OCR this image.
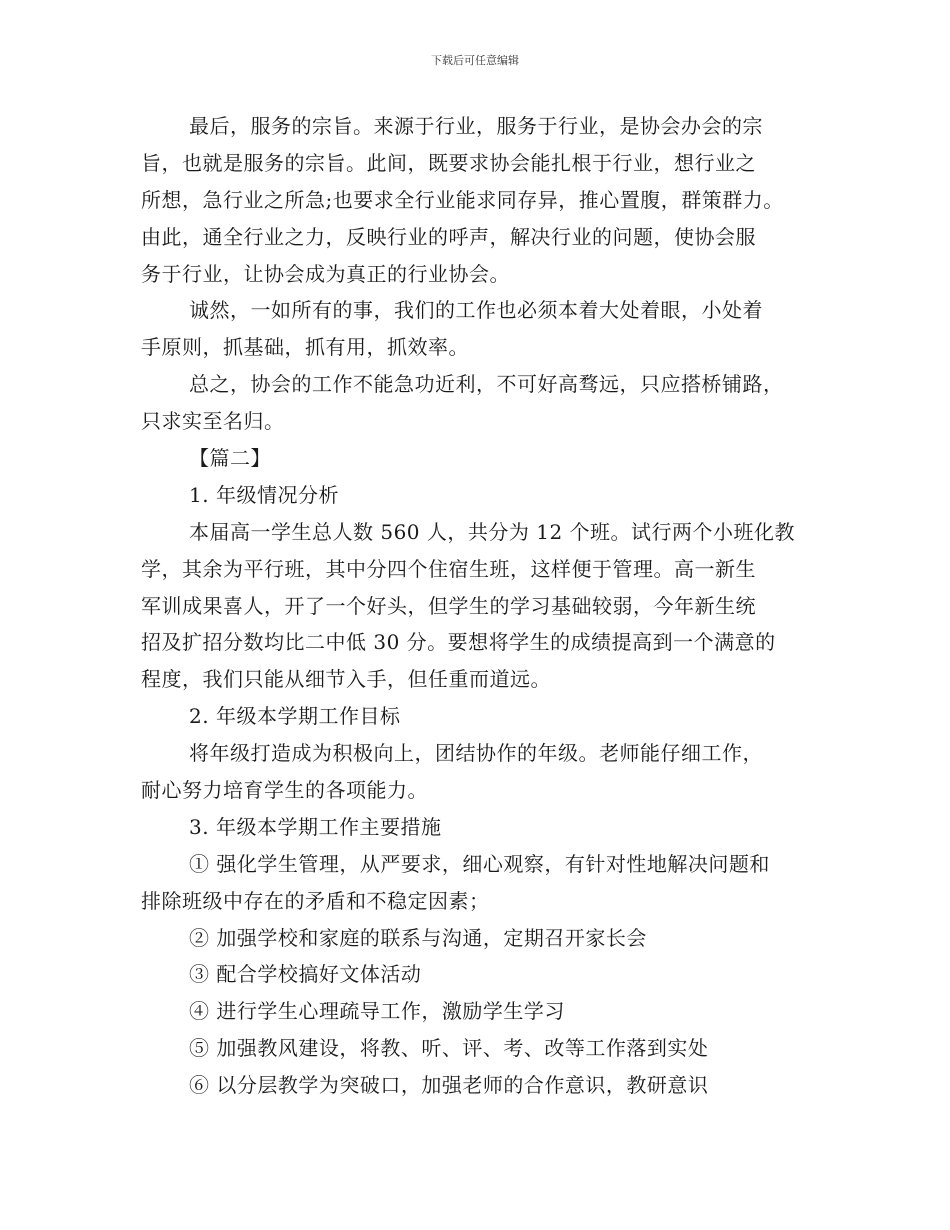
下载后可任意编辑
最后，服务的宗旨。来源于行业，服务于行业，是协会办会的宗
旨，也就是服务的宗旨。此间，既要求协会能扎根于行业，想行业之
所想，急行业之所急;也要求全行业能求同存异，推心置腹，群策群力。
由此，通全行业之力，反映行业的呼声，解决行业的问题，使协会服
务于行业，让协会成为真正的行业协会。
诚然，一如所有的事，我们的工作也必须本着大处着眼，小处着
手原则，抓基础，抓有用，抓效率。
总之，协会的工作不能急功近利，不可好高骛远，只应搭桥铺路，
只求实至名归。
【篇二】
1. 年级情况分析
本届高一学生总人数 560 人，共分为 12 个班。试行两个小班化教
学，其余为平行班，其中分四个住宿生班，这样便于管理。高一新生
军训成果喜人，开了一个好头，但学生的学习基础较弱，今年新生统
招及扩招分数均比二中低 30 分。要想将学生的成绩提高到一个满意的
程度，我们只能从细节入手，但任重而道远。
2. 年级本学期工作目标
将年级打造成为积极向上，团结协作的年级。老师能仔细工作，
耐心努力培育学生的各项能力。
3. 年级本学期工作主要措施
① 强化学生管理，从严要求，细心观察，有针对性地解决问题和
排除班级中存在的矛盾和不稳定因素；
② 加强学校和家庭的联系与沟通，定期召开家长会
③ 配合学校搞好文体活动
④ 进行学生心理疏导工作，激励学生学习
⑤ 加强教风建设，将教、听、评、考、改等工作落到实处
⑥ 以分层教学为突破口，加强老师的合作意识，教研意识
